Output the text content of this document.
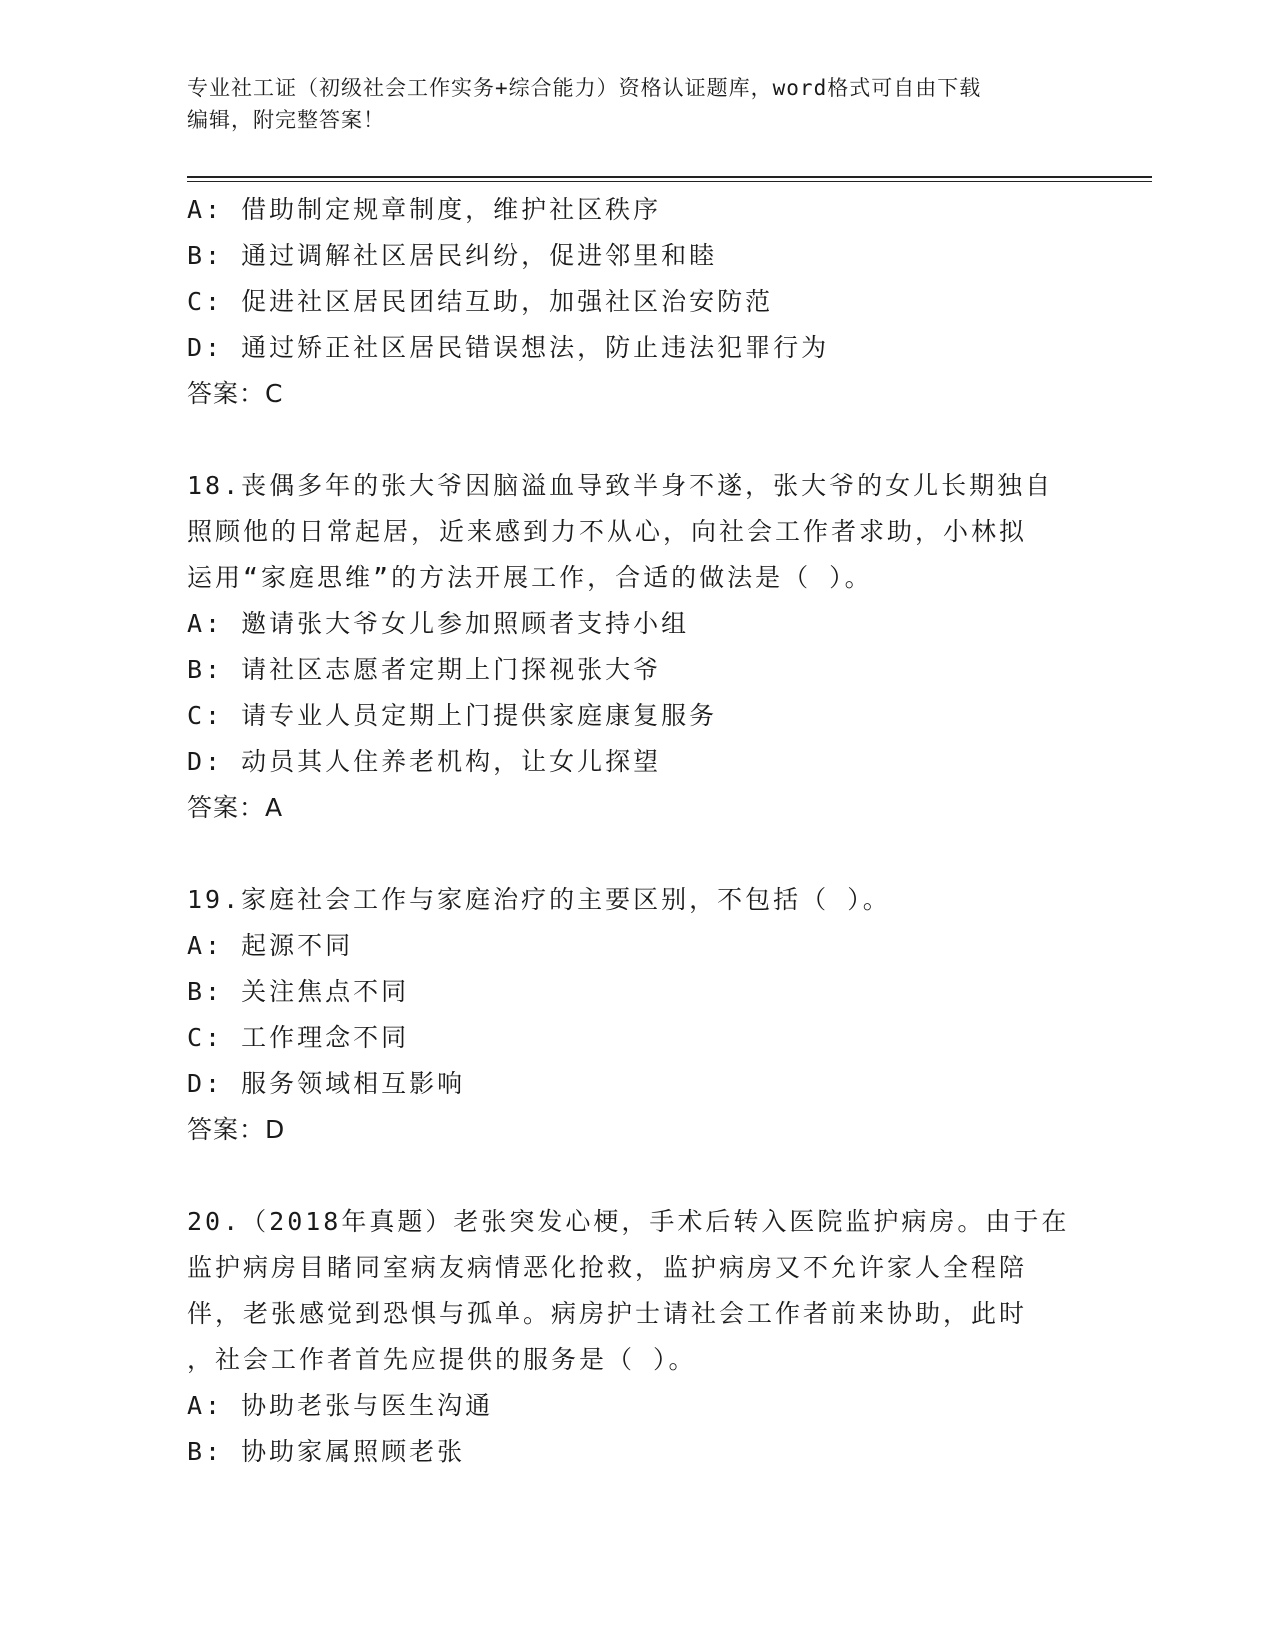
专业社工证（初级社会工作实务+综合能力）资格认证题库，word格式可自由下载
编辑，附完整答案！
A: 借助制定规章制度，维护社区秩序
B: 通过调解社区居民纠纷，促进邻里和睦
C: 促进社区居民团结互助，加强社区治安防范
D: 通过矫正社区居民错误想法，防止违法犯罪行为
答案：C
18.丧偶多年的张大爷因脑溢血导致半身不遂，张大爷的女儿长期独自
照顾他的日常起居，近来感到力不从心，向社会工作者求助，小林拟
运用“家庭思维”的方法开展工作，合适的做法是（ ）。
A: 邀请张大爷女儿参加照顾者支持小组
B: 请社区志愿者定期上门探视张大爷
C: 请专业人员定期上门提供家庭康复服务
D: 动员其人住养老机构，让女儿探望
答案：A
19.家庭社会工作与家庭治疗的主要区别，不包括（ ）。
A: 起源不同
B: 关注焦点不同
C: 工作理念不同
D: 服务领域相互影响
答案：D
20.（2018年真题）老张突发心梗，手术后转入医院监护病房。由于在
监护病房目睹同室病友病情恶化抢救，监护病房又不允许家人全程陪
伴，老张感觉到恐惧与孤单。病房护士请社会工作者前来协助，此时
，社会工作者首先应提供的服务是（ ）。
A: 协助老张与医生沟通
B: 协助家属照顾老张
